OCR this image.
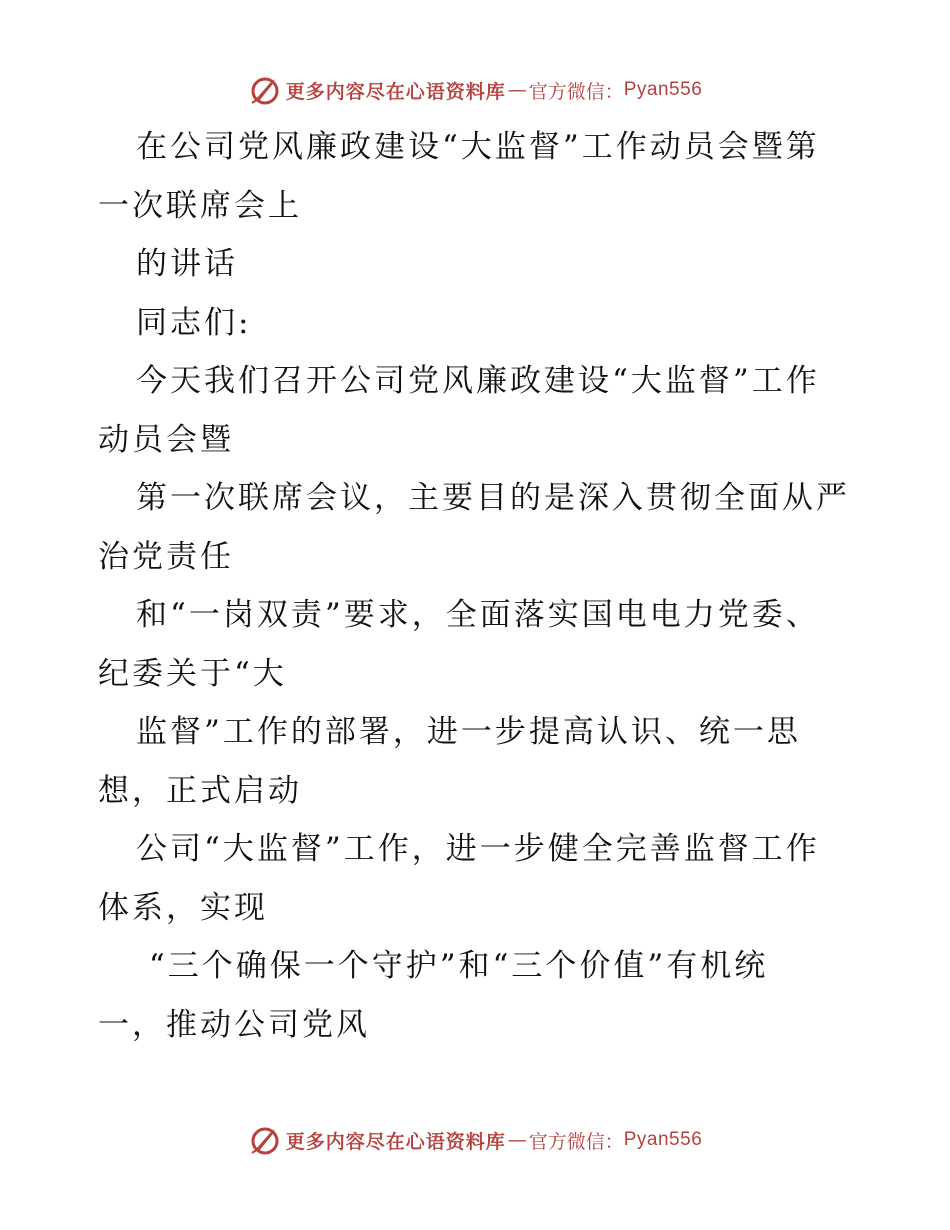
更多内容尽在心语资料库 — 官方微信： Pyan556
在公司党风廉政建设“大监督”工作动员会暨第
一次联席会上
的讲话
同志们:
今天我们召开公司党风廉政建设“大监督”工作
动员会暨
第一次联席会议，主要目的是深入贯彻全面从严
治党责任
和“一岗双责”要求，全面落实国电电力党委、
纪委关于“大
监督”工作的部署，进一步提高认识、统一思
想，正式启动
公司“大监督”工作，进一步健全完善监督工作
体系，实现
“三个确保一个守护”和“三个价值”有机统
一，推动公司党风
更多内容尽在心语资料库 — 官方微信： Pyan556
